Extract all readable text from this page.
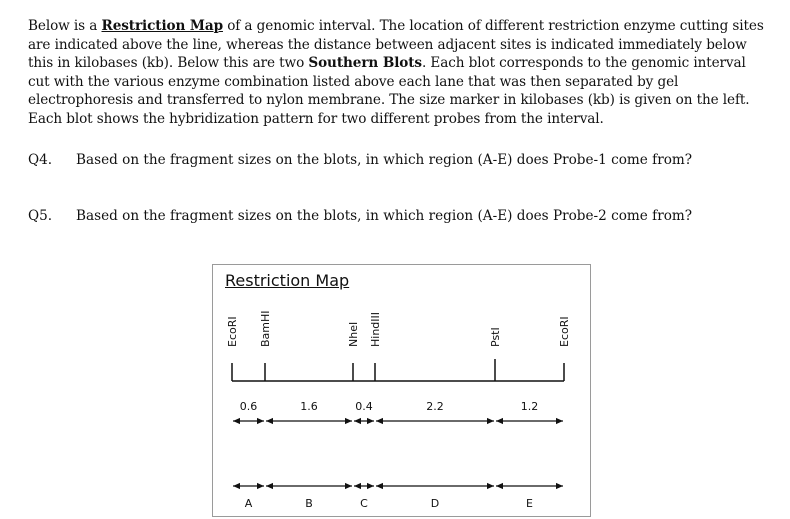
Below is a Restriction Map of a genomic interval. The location of different restriction enzyme cutting sites are indicated above the line, whereas the distance between adjacent sites is indicated immediately below this in kilobases (kb). Below this are two Southern Blots. Each blot corresponds to the genomic interval cut with the various enzyme combination listed above each lane that was then separated by gel electrophoresis and transferred to nylon membrane. The size marker in kilobases (kb) is given on the left. Each blot shows the hybridization pattern for two different probes from the interval.
Q4. Based on the fragment sizes on the blots, in which region (A-E) does Probe-1 come from?
Q5. Based on the fragment sizes on the blots, in which region (A-E) does Probe-2 come from?
Restriction Map
EcoRI BamHI	NheI HindIII	PstI	EcoRI
0.6	1.6	0.4	2.2	1.2
A	B	C	D	E
